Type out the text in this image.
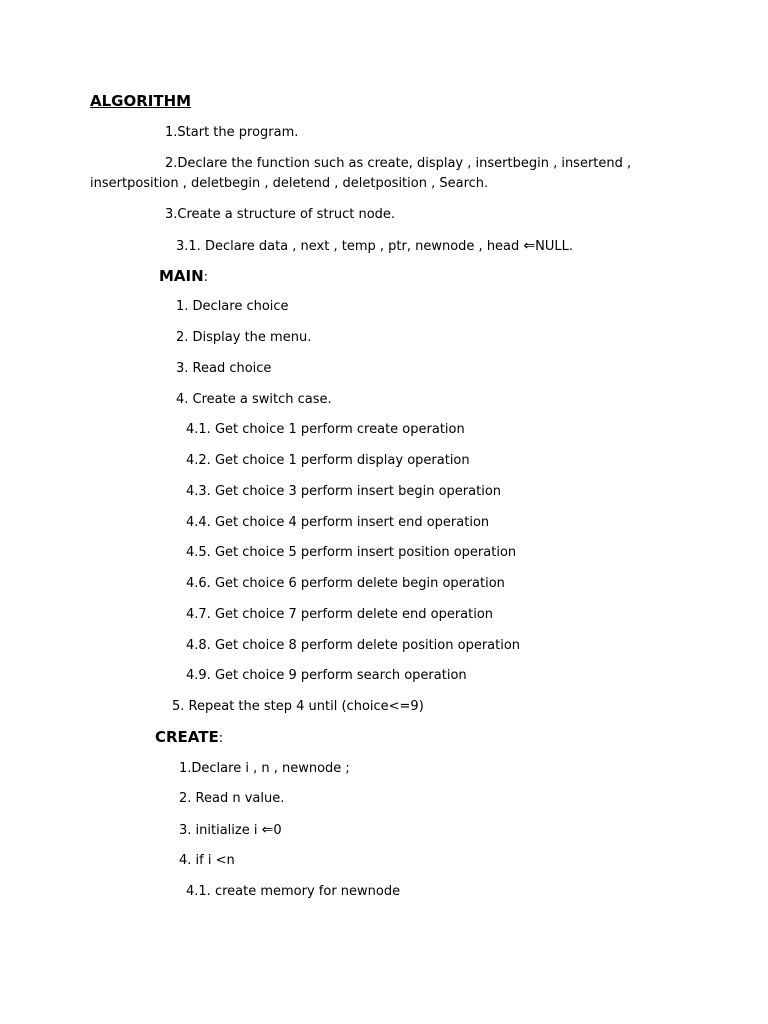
ALGORITHM
1.Start the program.
2.Declare the function such as create, display , insertbegin , insertend ,
insertposition , deletbegin , deletend , deletposition , Search.
3.Create a structure of struct node.
3.1. Declare data , next , temp , ptr, newnode , head ⇐NULL.
MAIN:
1. Declare choice
2. Display the menu.
3. Read choice
4. Create a switch case.
4.1. Get choice 1 perform create operation
4.2. Get choice 1 perform display operation
4.3. Get choice 3 perform insert begin operation
4.4. Get choice 4 perform insert end operation
4.5. Get choice 5 perform insert position operation
4.6. Get choice 6 perform delete begin operation
4.7. Get choice 7 perform delete end operation
4.8. Get choice 8 perform delete position operation
4.9. Get choice 9 perform search operation
5. Repeat the step 4 until (choice<=9)
CREATE:
1.Declare i , n , newnode ;
2. Read n value.
3. initialize i ⇐0
4. if i <n
4.1. create memory for newnode
